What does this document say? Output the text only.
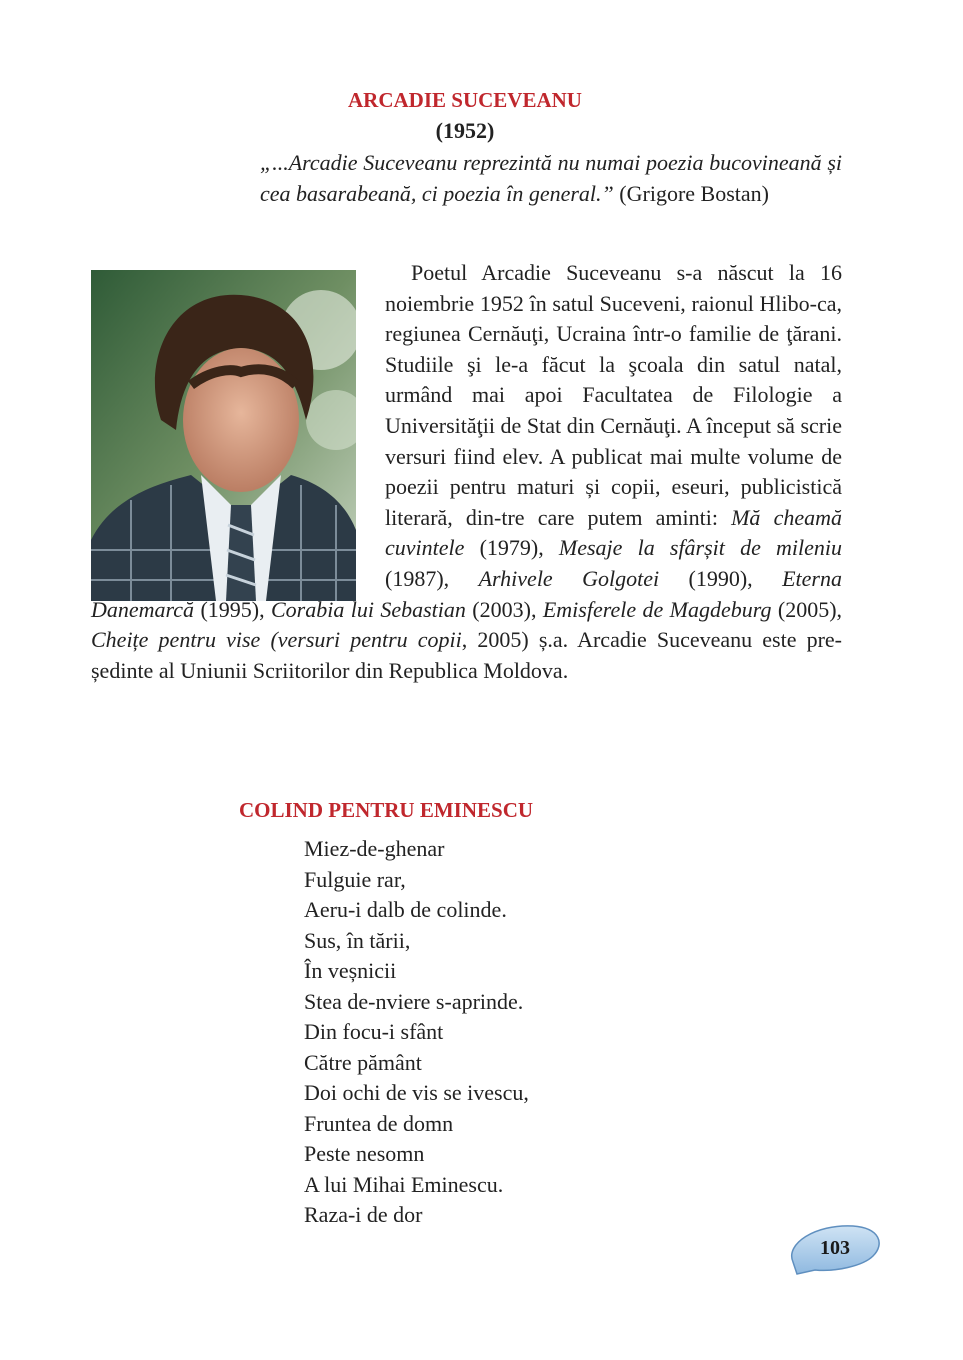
ARCADIE SUCEVEANU
(1952)
„...Arcadie Suceveanu reprezintă nu numai poezia bucovineană și cea basarabeană, ci poezia în general.” (Grigore Bostan)

Poetul Arcadie Suceveanu s-a născut la 16 noiembrie 1952 în satul Suceveni, raionul Hlibo-ca, regiunea Cernăuţi, Ucraina într-o familie de ţărani. Studiile şi le-a făcut la şcoala din satul natal, urmând mai apoi Facultatea de Filologie a Universităţii de Stat din Cernăuţi. A început să scrie versuri fiind elev. A publicat mai multe volume de poezii pentru maturi și copii, eseuri, publicistică literară, din-tre care putem aminti: Mă cheamă cuvintele (1979), Mesaje la sfârșit de mileniu (1987), Arhivele Golgotei (1990), Eterna Danemarcă (1995), Corabia lui Sebastian (2003), Emisferele de Magdeburg (2005), Cheițe pentru vise (versuri pentru copii, 2005) ș.a. Arcadie Suceveanu este pre-ședinte al Uniunii Scriitorilor din Republica Moldova.

COLIND PENTRU EMINESCU
Miez-de-ghenar
Fulguie rar,
Aeru-i dalb de colinde.
Sus, în tării,
În veșnicii
Stea de-nviere s-aprinde.
Din focu-i sfânt
Către pământ
Doi ochi de vis se ivescu,
Fruntea de domn
Peste nesomn
A lui Mihai Eminescu.
Raza-i de dor
103
